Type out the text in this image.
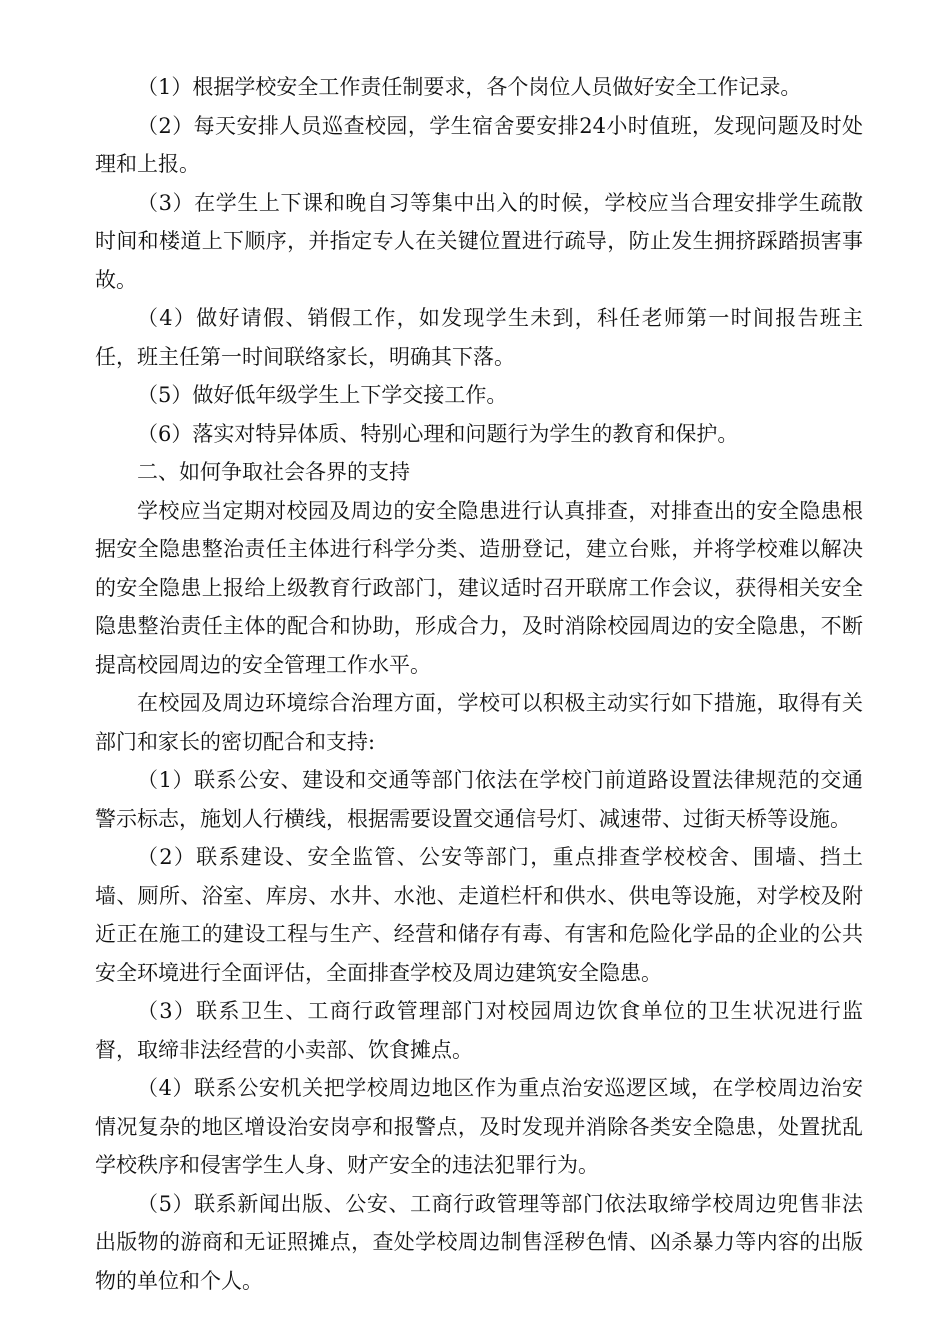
（1）根据学校安全工作责任制要求，各个岗位人员做好安全工作记录。

（2）每天安排人员巡查校园，学生宿舍要安排24小时值班，发现问题及时处理和上报。

（3）在学生上下课和晚自习等集中出入的时候，学校应当合理安排学生疏散时间和楼道上下顺序，并指定专人在关键位置进行疏导，防止发生拥挤踩踏损害事故。

（4）做好请假、销假工作，如发现学生未到，科任老师第一时间报告班主任，班主任第一时间联络家长，明确其下落。

（5）做好低年级学生上下学交接工作。

（6）落实对特异体质、特别心理和问题行为学生的教育和保护。

二、如何争取社会各界的支持

学校应当定期对校园及周边的安全隐患进行认真排查，对排查出的安全隐患根据安全隐患整治责任主体进行科学分类、造册登记，建立台账，并将学校难以解决的安全隐患上报给上级教育行政部门，建议适时召开联席工作会议，获得相关安全隐患整治责任主体的配合和协助，形成合力，及时消除校园周边的安全隐患，不断提高校园周边的安全管理工作水平。

在校园及周边环境综合治理方面，学校可以积极主动实行如下措施，取得有关部门和家长的密切配合和支持:

（1）联系公安、建设和交通等部门依法在学校门前道路设置法律规范的交通警示标志，施划人行横线，根据需要设置交通信号灯、减速带、过街天桥等设施。

（2）联系建设、安全监管、公安等部门，重点排查学校校舍、围墙、挡土墙、厕所、浴室、库房、水井、水池、走道栏杆和供水、供电等设施，对学校及附近正在施工的建设工程与生产、经营和储存有毒、有害和危险化学品的企业的公共安全环境进行全面评估，全面排查学校及周边建筑安全隐患。

（3）联系卫生、工商行政管理部门对校园周边饮食单位的卫生状况进行监督，取缔非法经营的小卖部、饮食摊点。

（4）联系公安机关把学校周边地区作为重点治安巡逻区域，在学校周边治安情况复杂的地区增设治安岗亭和报警点，及时发现并消除各类安全隐患，处置扰乱学校秩序和侵害学生人身、财产安全的违法犯罪行为。

（5）联系新闻出版、公安、工商行政管理等部门依法取缔学校周边兜售非法出版物的游商和无证照摊点，查处学校周边制售淫秽色情、凶杀暴力等内容的出版物的单位和个人。
